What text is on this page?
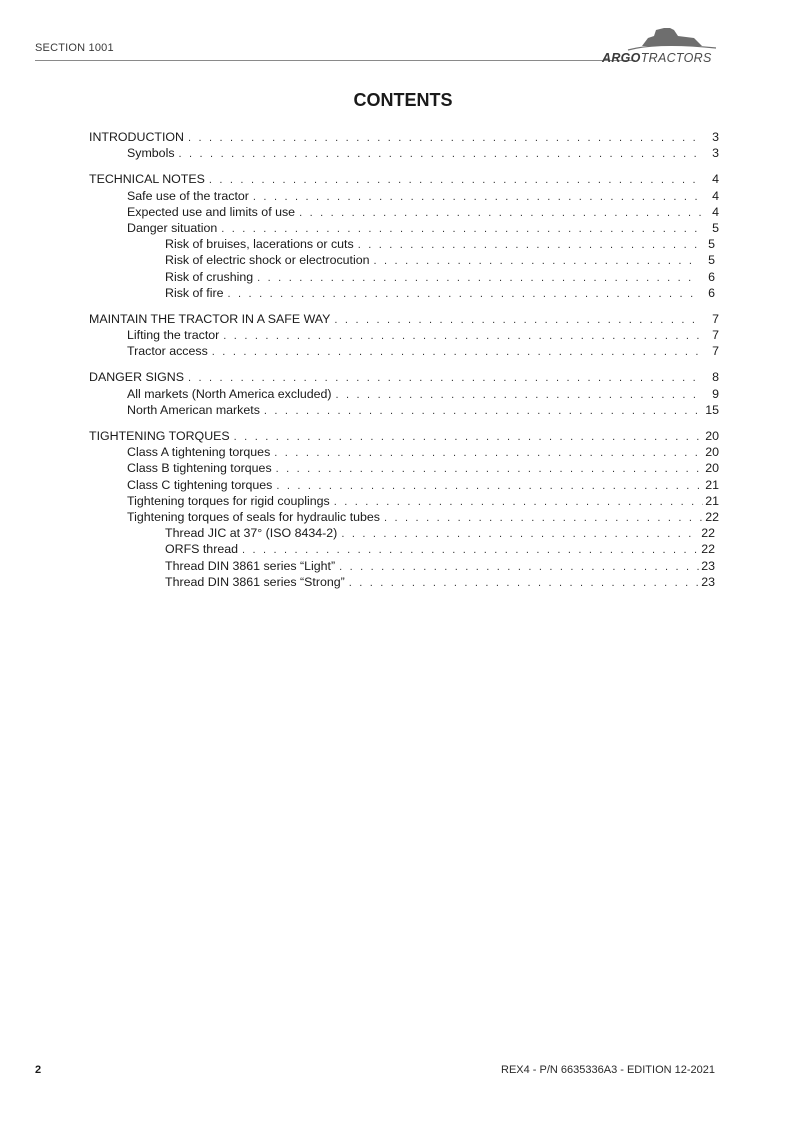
SECTION 1001
ARGOTRACTORS
CONTENTS
INTRODUCTION . . .	3
Symbols . . .	3
TECHNICAL NOTES . . .	4
Safe use of the tractor . . .	4
Expected use and limits of use . . .	4
Danger situation . . .	5
Risk of bruises, lacerations or cuts . . .	5
Risk of electric shock or electrocution . . .	5
Risk of crushing . . .	6
Risk of fire . . .	6
MAINTAIN THE TRACTOR IN A SAFE WAY . . .	7
Lifting the tractor . . .	7
Tractor access . . .	7
DANGER SIGNS . . .	8
All markets (North America excluded) . . .	9
North American markets . . .	15
TIGHTENING TORQUES . . .	20
Class A tightening torques . . .	20
Class B tightening torques . . .	20
Class C tightening torques . . .	21
Tightening torques for rigid couplings . . .	21
Tightening torques of seals for hydraulic tubes . . .	22
Thread JIC at 37° (ISO 8434-2) . . .	22
ORFS thread . . .	22
Thread DIN 3861 series “Light” . . .	23
Thread DIN 3861 series “Strong” . . .	23
2	REX4 - P/N 6635336A3 - EDITION 12-2021
